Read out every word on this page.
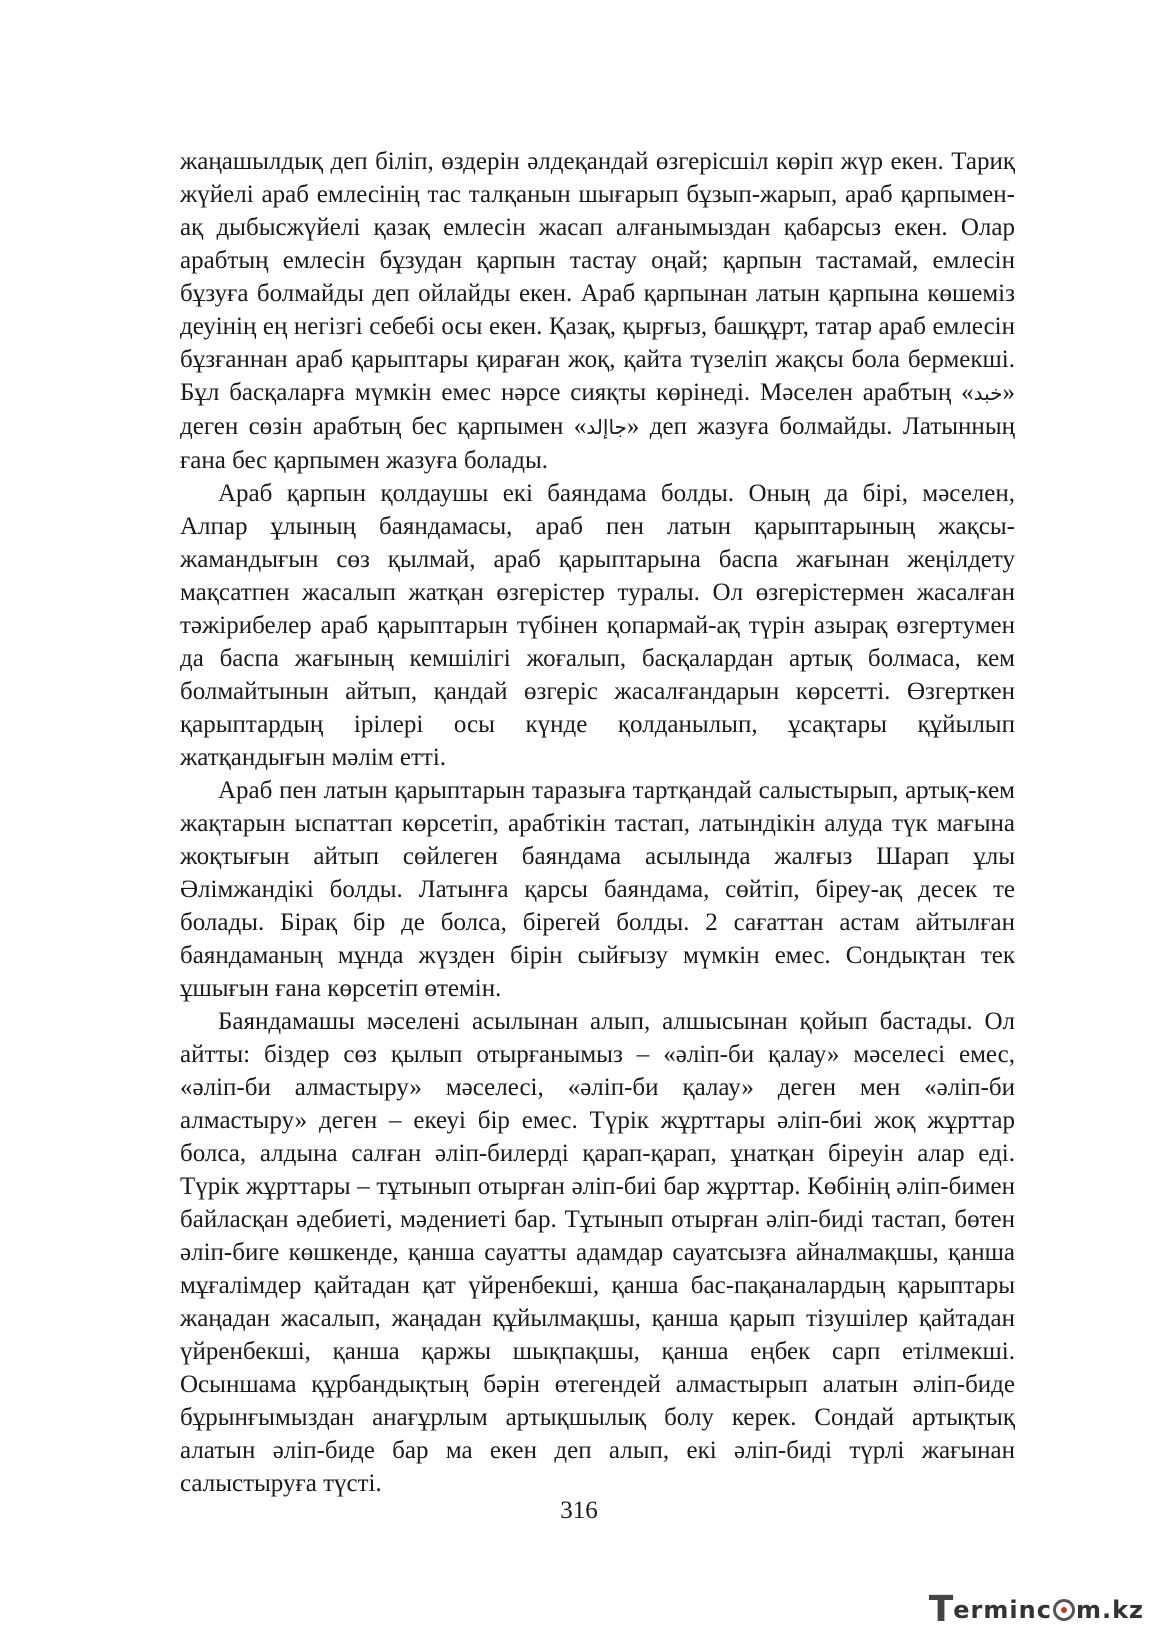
жаңашылдық деп біліп, өздерін әлдеқандай өзгерісшіл көріп жүр екен. Тариқ жүйелі араб емлесінің тас талқанын шығарып бұзып-жарып, араб қарпымен-ақ дыбысжүйелі қазақ емлесін жасап алғанымыздан қабарсыз екен. Олар арабтың емлесін бұзудан қарпын тастау оңай; қарпын тастамай, емлесін бұзуға болмайды деп ойлайды екен. Араб қарпынан латын қарпына көшеміз деуінің ең негізгі себебі осы екен. Қазақ, қырғыз, башқұрт, татар араб емлесін бұзғаннан араб қарыптары қираған жоқ, қайта түзеліп жақсы бола бермекші. Бұл басқаларға мүмкін емес нәрсе сияқты көрінеді. Мәселен арабтың «خبد» деген сөзін арабтың бес қарпымен «جاإلد» деп жазуға болмайды. Латынның ғана бес қарпымен жазуға болады.

Араб қарпын қолдаушы екі баяндама болды. Оның да бірі, мәселен, Алпар ұлының баяндамасы, араб пен латын қарыптарының жақсы-жамандығын сөз қылмай, араб қарыптарына баспа жағынан жеңілдету мақсатпен жасалып жатқан өзгерістер туралы. Ол өзгерістермен жасалған тәжірибелер араб қарыптарын түбінен қопармай-ақ түрін азырақ өзгертумен да баспа жағының кемшілігі жоғалып, басқалардан артық болмаса, кем болмайтынын айтып, қандай өзгеріс жасалғандарын көрсетті. Өзгерткен қарыптардың ірілері осы күнде қолданылып, ұсақтары құйылып жатқандығын мәлім етті.

Араб пен латын қарыптарын таразыға тартқандай салыстырып, артық-кем жақтарын ыспаттап көрсетіп, арабтікін тастап, латындікін алуда түк мағына жоқтығын айтып сөйлеген баяндама асылында жалғыз Шарап ұлы Әлімжандікі болды. Латынға қарсы баяндама, сөйтіп, біреу-ақ десек те болады. Бірақ бір де болса, бірегей болды. 2 сағаттан астам айтылған баяндаманың мұнда жүзден бірін сыйғызу мүмкін емес. Сондықтан тек ұшығын ғана көрсетіп өтемін.

Баяндамашы мәселені асылынан алып, алшысынан қойып бастады. Ол айтты: біздер сөз қылып отырғанымыз – «әліп-би қалау» мәселесі емес, «әліп-би алмастыру» мәселесі, «әліп-би қалау» деген мен «әліп-би алмастыру» деген – екеуі бір емес. Түрік жұрттары әліп-биі жоқ жұрттар болса, алдына салған әліп-билерді қарап-қарап, ұнатқан біреуін алар еді. Түрік жұрттары – тұтынып отырған әліп-биі бар жұрттар. Көбінің әліп-бимен байласқан әдебиеті, мәдениеті бар. Тұтынып отырған әліп-биді тастап, бөтен әліп-биге көшкенде, қанша сауатты адамдар сауатсызға айналмақшы, қанша мұғалімдер қайтадан қат үйренбекші, қанша бас-пақаналардың қарыптары жаңадан жасалып, жаңадан құйылмақшы, қанша қарып тізушілер қайтадан үйренбекші, қанша қаржы шықпақшы, қанша еңбек сарп етілмекші. Осыншама құрбандықтың бәрін өтегендей алмастырып алатын әліп-биде бұрынғымыздан анағұрлым артықшылық болу керек. Сондай артықтық алатын әліп-биде бар ма екен деп алып, екі әліп-биді түрлі жағынан салыстыруға түсті.

316
T erminc m.kz
